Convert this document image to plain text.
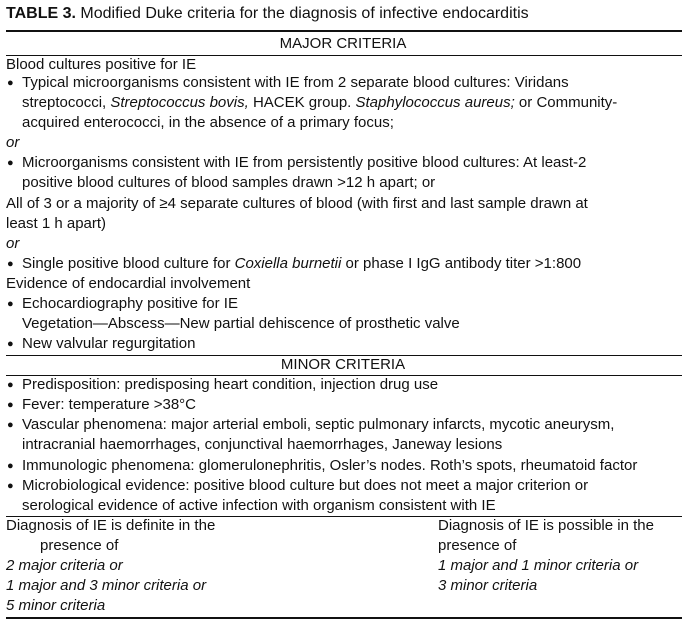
TABLE 3. Modified Duke criteria for the diagnosis of infective endocarditis
MAJOR CRITERIA
Blood cultures positive for IE
● Typical microorganisms consistent with IE from 2 separate blood cultures: Viridans
streptococci, Streptococcus bovis, HACEK group. Staphylococcus aureus; or Community-
acquired enterococci, in the absence of a primary focus;
or
● Microorganisms consistent with IE from persistently positive blood cultures: At least-2
positive blood cultures of blood samples drawn >12 h apart; or
All of 3 or a majority of ≥4 separate cultures of blood (with first and last sample drawn at
least 1 h apart)
or
● Single positive blood culture for Coxiella burnetii or phase I IgG antibody titer >1:800
Evidence of endocardial involvement
● Echocardiography positive for IE
Vegetation—Abscess—New partial dehiscence of prosthetic valve
● New valvular regurgitation
MINOR CRITERIA
● Predisposition: predisposing heart condition, injection drug use
● Fever: temperature >38°C
● Vascular phenomena: major arterial emboli, septic pulmonary infarcts, mycotic aneurysm,
intracranial haemorrhages, conjunctival haemorrhages, Janeway lesions
● Immunologic phenomena: glomerulonephritis, Osler’s nodes. Roth’s spots, rheumatoid factor
● Microbiological evidence: positive blood culture but does not meet a major criterion or
serological evidence of active infection with organism consistent with IE
Diagnosis of IE is definite in the
presence of
2 major criteria or
1 major and 3 minor criteria or
5 minor criteria
Diagnosis of IE is possible in the
presence of
1 major and 1 minor criteria or
3 minor criteria
